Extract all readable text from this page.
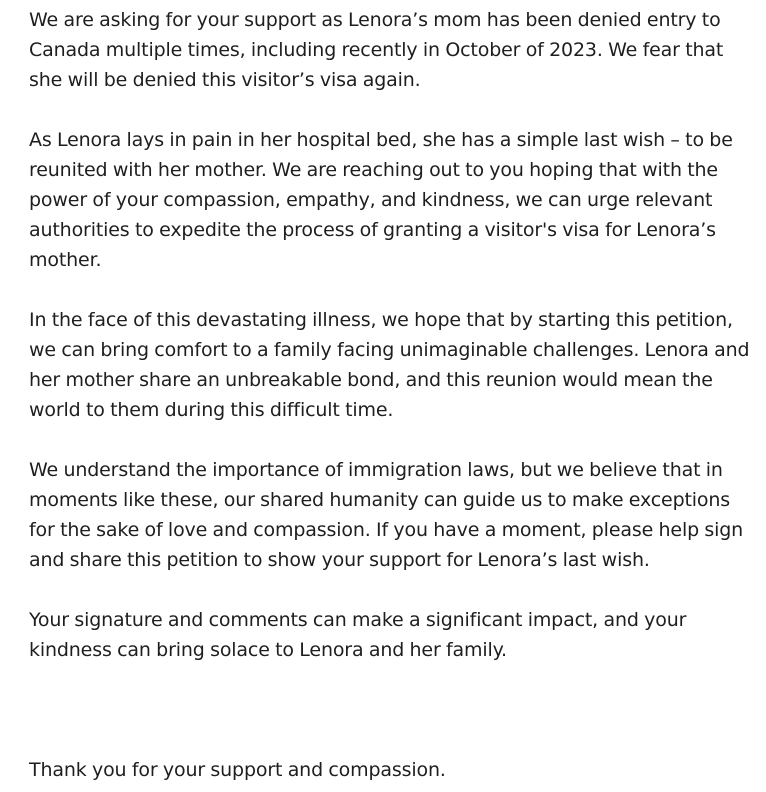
We are asking for your support as Lenora’s mom has been denied entry to Canada multiple times, including recently in October of 2023. We fear that she will be denied this visitor’s visa again.

As Lenora lays in pain in her hospital bed, she has a simple last wish – to be reunited with her mother. We are reaching out to you hoping that with the power of your compassion, empathy, and kindness, we can urge relevant authorities to expedite the process of granting a visitor's visa for Lenora’s mother.

In the face of this devastating illness, we hope that by starting this petition, we can bring comfort to a family facing unimaginable challenges. Lenora and her mother share an unbreakable bond, and this reunion would mean the world to them during this difficult time.

We understand the importance of immigration laws, but we believe that in moments like these, our shared humanity can guide us to make exceptions for the sake of love and compassion. If you have a moment, please help sign and share this petition to show your support for Lenora’s last wish.

Your signature and comments can make a significant impact, and your kindness can bring solace to Lenora and her family.

Thank you for your support and compassion.
